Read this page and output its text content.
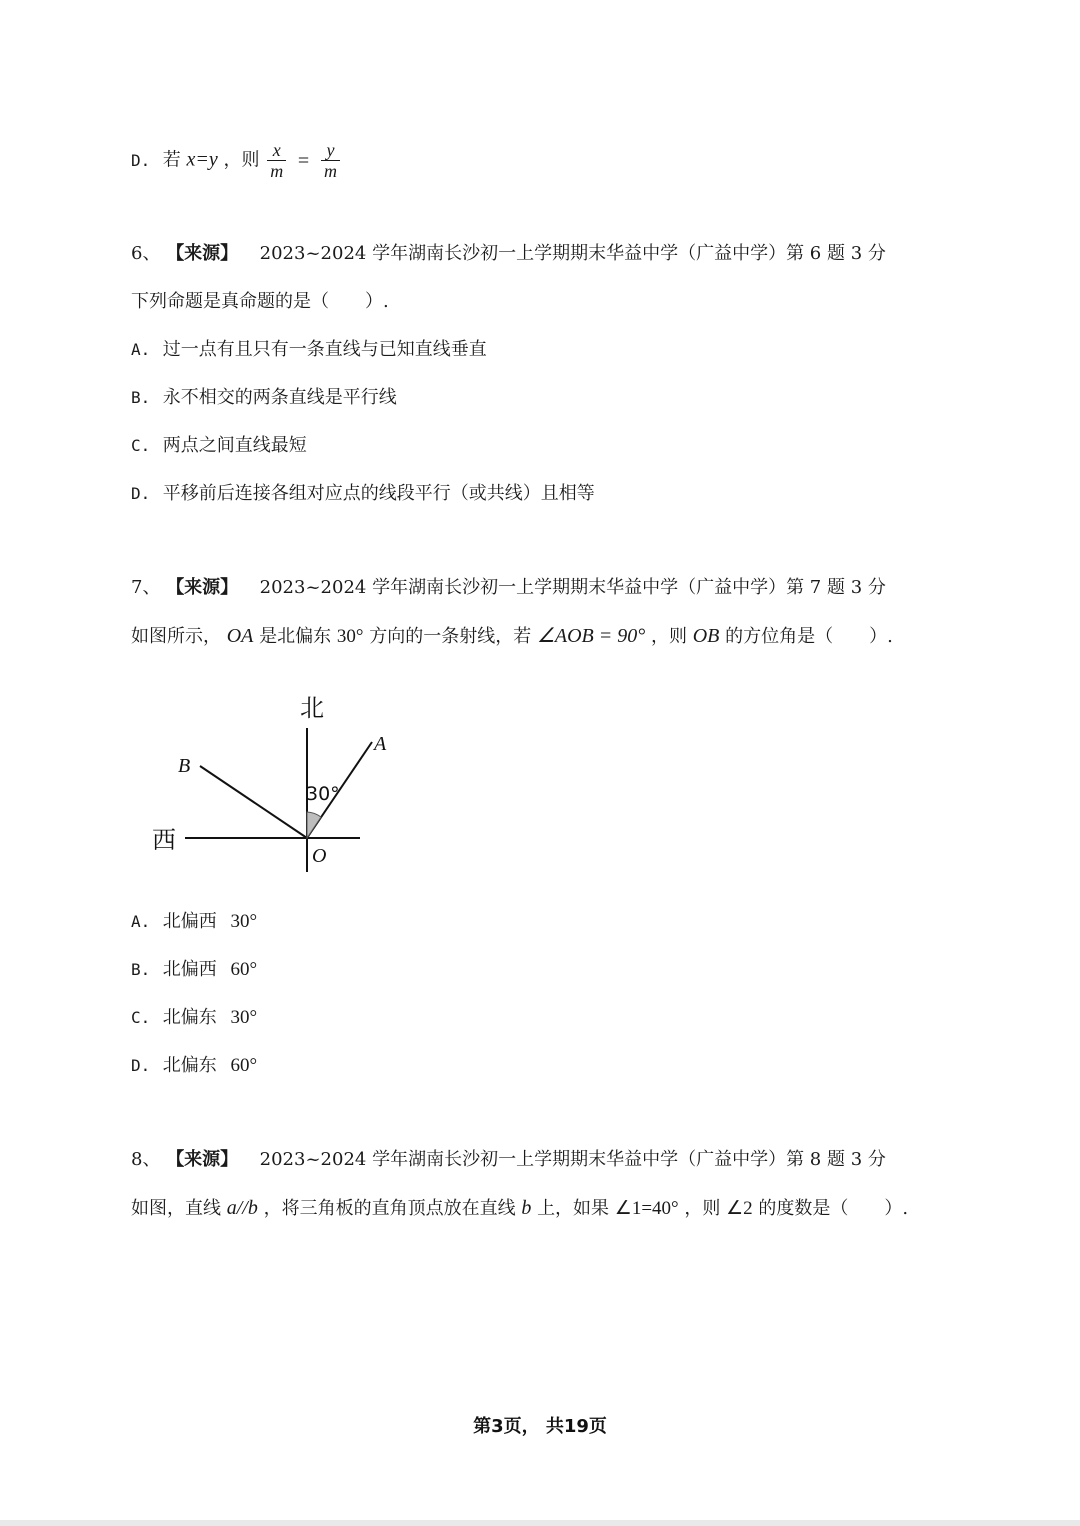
D. 若 x=y ，则 $\frac{x}{m} = \frac{y}{m}$
6、 【来源】 2023~2024 学年湖南长沙初一上学期期末华益中学（广益中学）第 6 题 3 分
下列命题是真命题的是（　　）.
A. 过一点有且只有一条直线与已知直线垂直
B. 永不相交的两条直线是平行线
C. 两点之间直线最短
D. 平移前后连接各组对应点的线段平行（或共线）且相等
7、 【来源】 2023~2024 学年湖南长沙初一上学期期末华益中学（广益中学）第 7 题 3 分
如图所示， OA 是北偏东 30° 方向的一条射线，若 ∠AOB = 90° ，则 OB 的方位角是（　　）.
北
西
A
B
O
30°
A. 北偏西 30°
B. 北偏西 60°
C. 北偏东 30°
D. 北偏东 60°
8、 【来源】 2023~2024 学年湖南长沙初一上学期期末华益中学（广益中学）第 8 题 3 分
如图，直线 a//b ，将三角板的直角顶点放在直线 b 上，如果 ∠1=40° ，则 ∠2 的度数是（　　）.
第3页， 共19页
